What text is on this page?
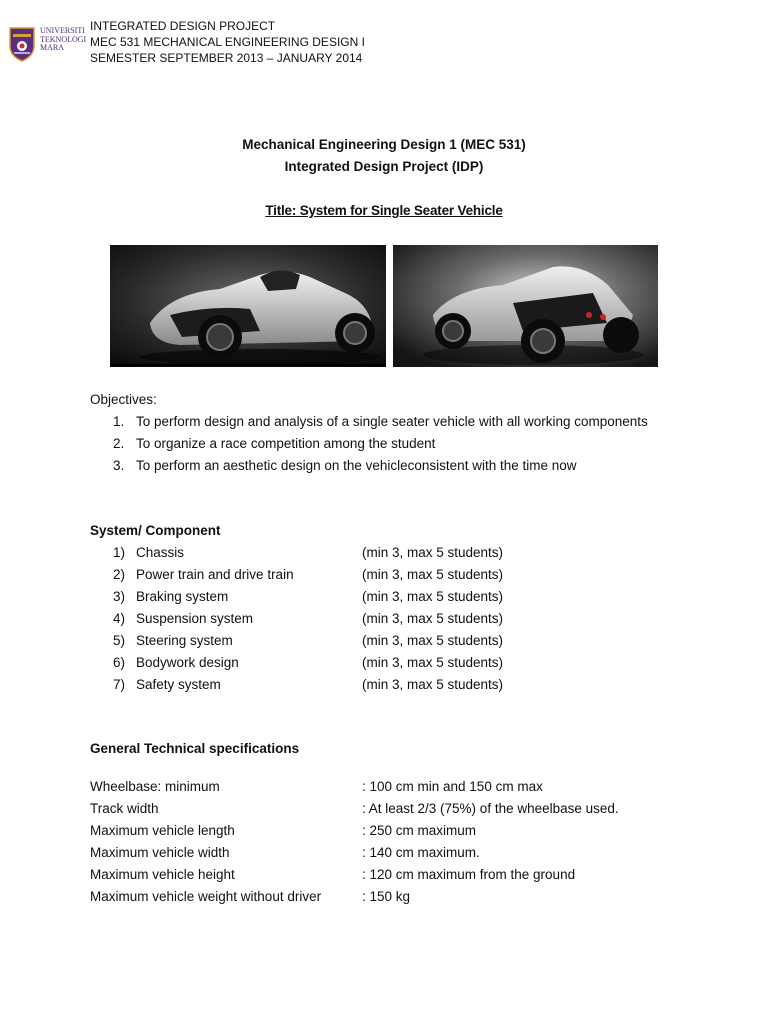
UNIVERSITI
TEKNOLOGI
MARA
INTEGRATED DESIGN PROJECT
MEC 531 MECHANICAL ENGINEERING DESIGN I
SEMESTER SEPTEMBER 2013 – JANUARY 2014
Mechanical Engineering Design 1 (MEC 531)
Integrated Design Project (IDP)
Title: System for Single Seater Vehicle
Objectives:
1. To perform design and analysis of a single seater vehicle with all working components
2. To organize a race competition among the student
3. To perform an aesthetic design on the vehicleconsistent with the time now
System/ Component
1) Chassis	(min 3, max 5 students)
2) Power train and drive train	(min 3, max 5 students)
3) Braking system	(min 3, max 5 students)
4) Suspension system	(min 3, max 5 students)
5) Steering system	(min 3, max 5 students)
6) Bodywork design	(min 3, max 5 students)
7) Safety system	(min 3, max 5 students)
General Technical specifications
Wheelbase: minimum	: 100 cm min and 150 cm max
Track width	: At least 2/3 (75%) of the wheelbase used.
Maximum vehicle length	: 250 cm maximum
Maximum vehicle width	: 140 cm maximum.
Maximum vehicle height	: 120 cm maximum from the ground
Maximum vehicle weight without driver	: 150 kg
